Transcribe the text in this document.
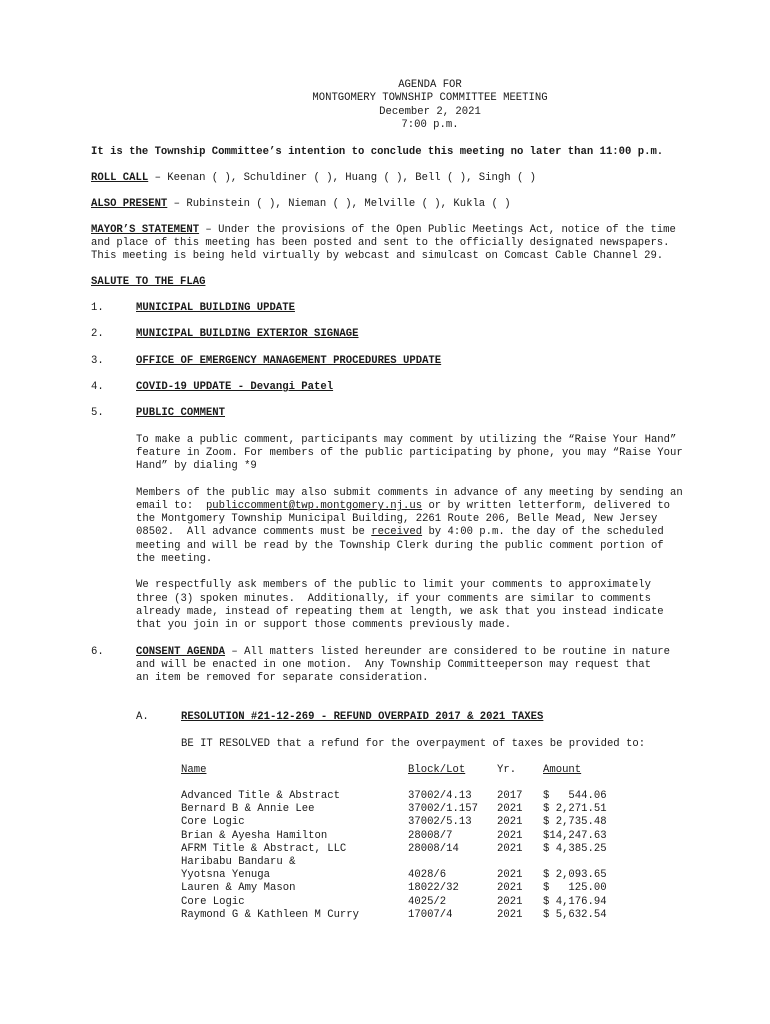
AGENDA FOR
MONTGOMERY TOWNSHIP COMMITTEE MEETING
December 2, 2021
7:00 p.m.
It is the Township Committee’s intention to conclude this meeting no later than 11:00 p.m.
ROLL CALL – Keenan ( ), Schuldiner ( ), Huang ( ), Bell ( ), Singh ( )
ALSO PRESENT – Rubinstein ( ), Nieman ( ), Melville ( ), Kukla ( )
MAYOR’S STATEMENT – Under the provisions of the Open Public Meetings Act, notice of the time
and place of this meeting has been posted and sent to the officially designated newspapers.
This meeting is being held virtually by webcast and simulcast on Comcast Cable Channel 29.
SALUTE TO THE FLAG
1.	MUNICIPAL BUILDING UPDATE
2.	MUNICIPAL BUILDING EXTERIOR SIGNAGE
3.	OFFICE OF EMERGENCY MANAGEMENT PROCEDURES UPDATE
4.	COVID-19 UPDATE - Devangi Patel
5.	PUBLIC COMMENT
To make a public comment, participants may comment by utilizing the “Raise Your Hand”
feature in Zoom. For members of the public participating by phone, you may “Raise Your
Hand” by dialing *9
Members of the public may also submit comments in advance of any meeting by sending an
email to:  publiccomment@twp.montgomery.nj.us or by written letterform, delivered to
the Montgomery Township Municipal Building, 2261 Route 206, Belle Mead, New Jersey
08502.  All advance comments must be received by 4:00 p.m. the day of the scheduled
meeting and will be read by the Township Clerk during the public comment portion of
the meeting.
We respectfully ask members of the public to limit your comments to approximately
three (3) spoken minutes.  Additionally, if your comments are similar to comments
already made, instead of repeating them at length, we ask that you instead indicate
that you join in or support those comments previously made.
6.	CONSENT AGENDA – All matters listed hereunder are considered to be routine in nature
and will be enacted in one motion.  Any Township Committeeperson may request that
an item be removed for separate consideration.
A.	RESOLUTION #21-12-269 - REFUND OVERPAID 2017 & 2021 TAXES
BE IT RESOLVED that a refund for the overpayment of taxes be provided to:
Name	Block/Lot	Yr.	Amount
Advanced Title & Abstract	37002/4.13 2017 $   544.06
Bernard B & Annie Lee	37002/1.157 2021 $ 2,271.51
Core Logic	37002/5.13 2021 $ 2,735.48
Brian & Ayesha Hamilton	28008/7	2021 $14,247.63
AFRM Title & Abstract, LLC	28008/14	2021 $ 4,385.25
Haribabu Bandaru &
Yyotsna Yenuga	4028/6	2021 $ 2,093.65
Lauren & Amy Mason	18022/32	2021 $   125.00
Core Logic	4025/2	2021 $ 4,176.94
Raymond G & Kathleen M Curry	17007/4	2021 $ 5,632.54
